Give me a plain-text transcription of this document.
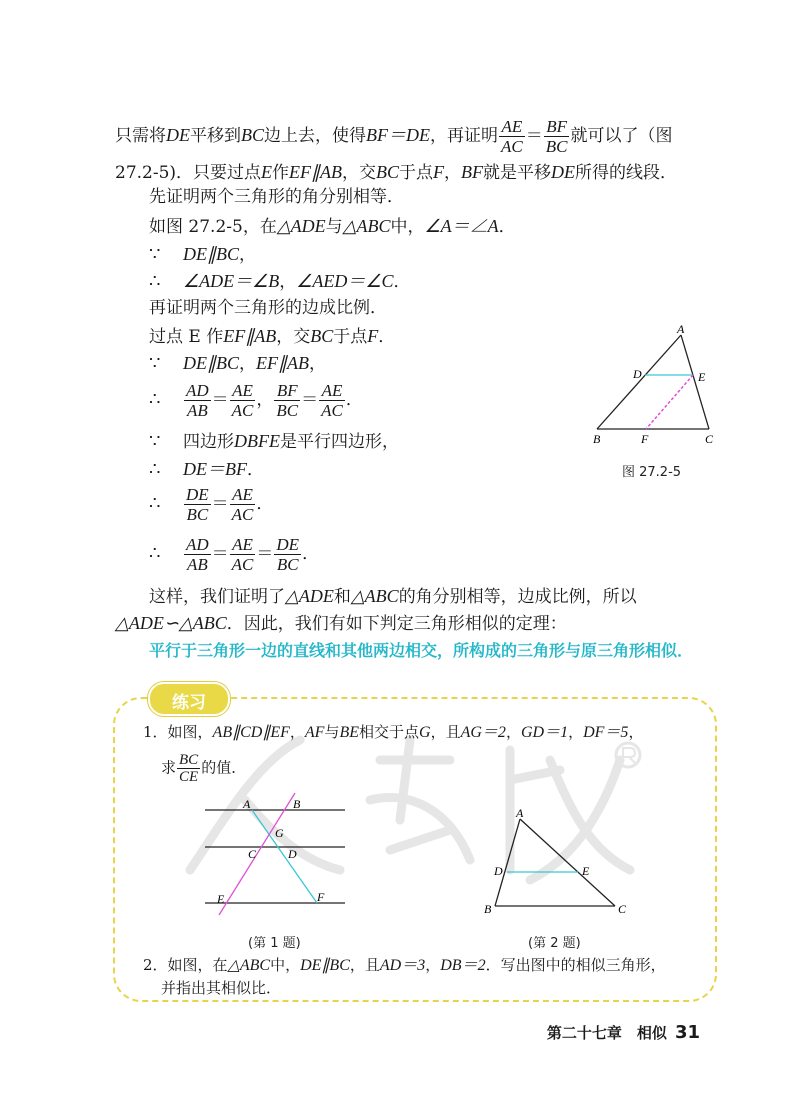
只需将DE平移到BC边上去，使得BF＝DE，再证明 $\frac{AE}{AC} = \frac{BF}{BC}$ 就可以了（图
27.2-5)．只要过点E作EF∥AB，交BC于点F，BF就是平移DE所得的线段．
先证明两个三角形的角分别相等．
如图 27.2-5，在△ADE与△ABC中，∠A＝∠A．
∵ DE∥BC，
∴ ∠ADE＝∠B，∠AED＝∠C．
再证明两个三角形的边成比例．
过点 E 作EF∥AB，交BC于点F．
∵ DE∥BC，EF∥AB，
∴ $\frac{AD}{AB} = \frac{AE}{AC}$ ， $\frac{BF}{BC} = \frac{AE}{AC}$ ．
∵ 四边形DBFE是平行四边形，
∴ DE＝BF．
∴ $\frac{DE}{BC} = \frac{AE}{AC}$ ．
∴ $\frac{AD}{AB} = \frac{AE}{AC} = \frac{DE}{BC}$ ．
这样，我们证明了△ADE和△ABC的角分别相等，边成比例，所以
△ADE∽△ABC．因此，我们有如下判定三角形相似的定理：
平行于三角形一边的直线和其他两边相交，所构成的三角形与原三角形相似．
A
D	E
B	F	C
图 27.2-5
练习
1．如图，AB∥CD∥EF，AF与BE相交于点G，且AG＝2，GD＝1，DF＝5，
求 $\frac{BC}{CE}$ 的值．
A	B
G
C	D
E	F
(第 1 题)
A
D	E
B	C
(第 2 题)
2．如图，在△ABC中，DE∥BC，且AD＝3，DB＝2．写出图中的相似三角形，
并指出其相似比．
第二十七章　相似 31
